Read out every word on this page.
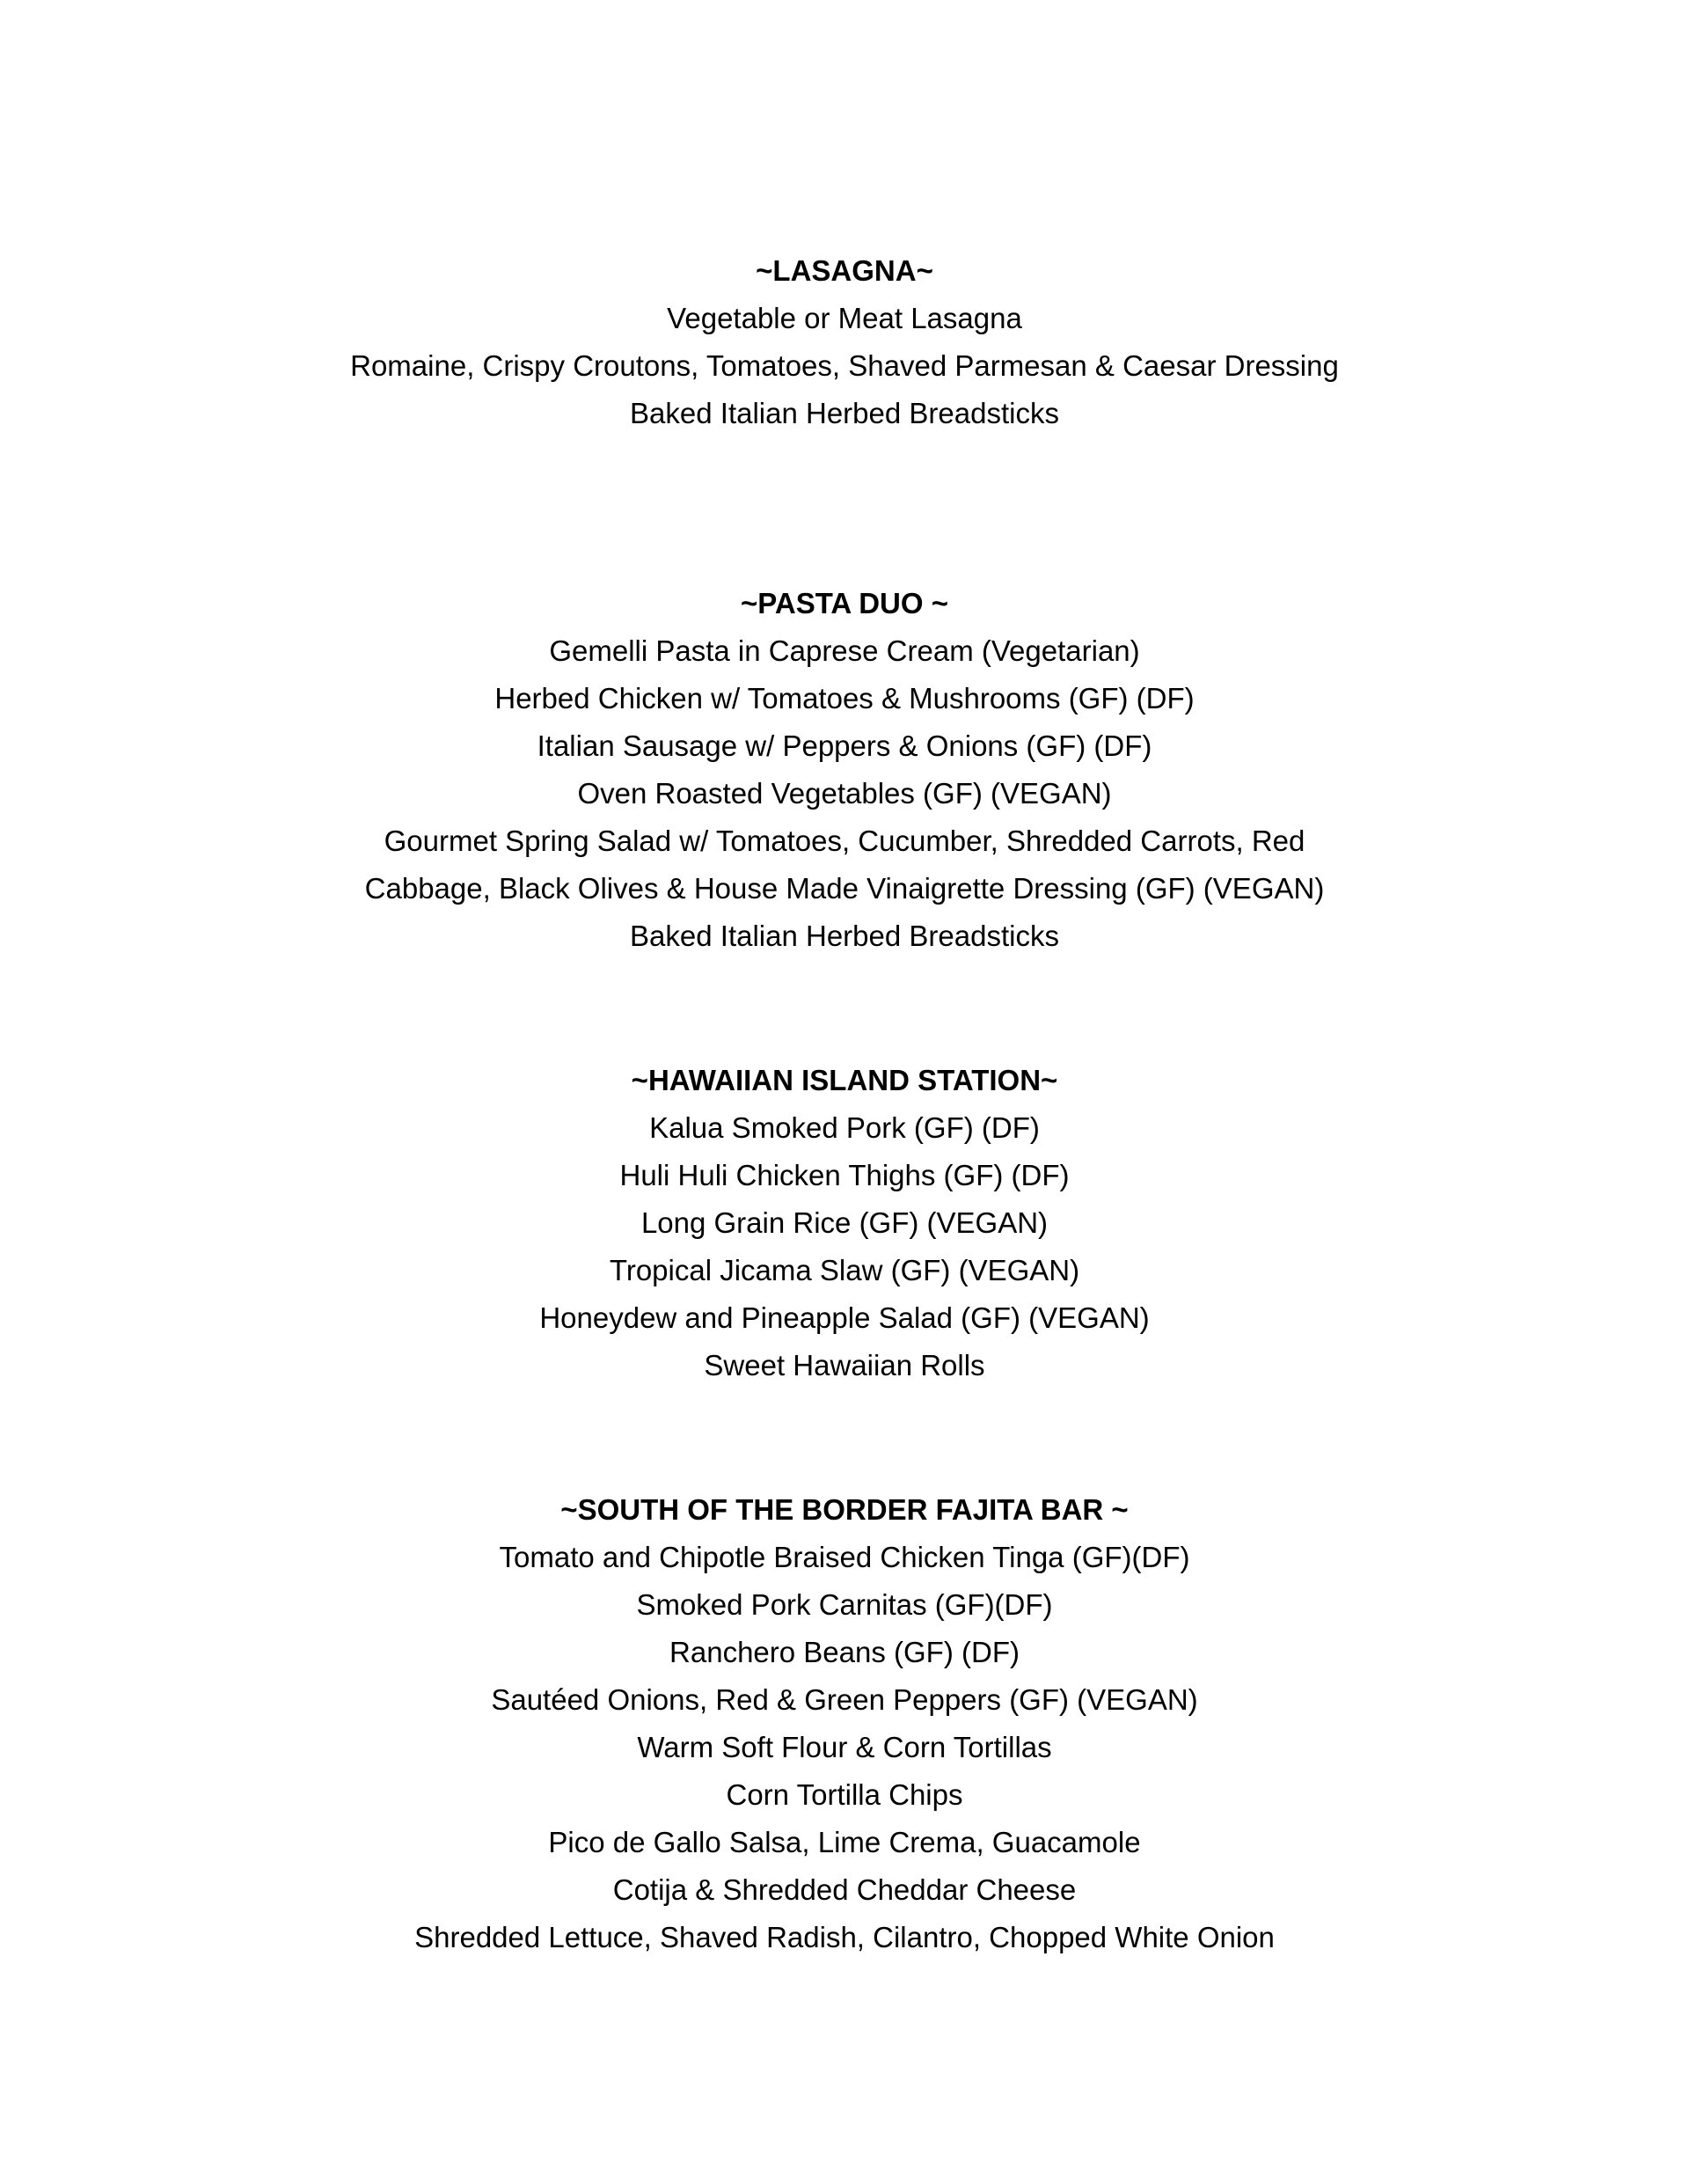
~LASAGNA~

Vegetable or Meat Lasagna

Romaine, Crispy Croutons, Tomatoes, Shaved Parmesan & Caesar Dressing

Baked Italian Herbed Breadsticks

~PASTA DUO ~

Gemelli Pasta in Caprese Cream (Vegetarian)

Herbed Chicken w/ Tomatoes & Mushrooms (GF) (DF)

Italian Sausage w/ Peppers & Onions (GF) (DF)

Oven Roasted Vegetables (GF) (VEGAN)

Gourmet Spring Salad w/ Tomatoes, Cucumber, Shredded Carrots, Red Cabbage, Black Olives & House Made Vinaigrette Dressing (GF) (VEGAN)

Baked Italian Herbed Breadsticks

~HAWAIIAN ISLAND STATION~

Kalua Smoked Pork (GF) (DF)

Huli Huli Chicken Thighs (GF) (DF)

Long Grain Rice (GF) (VEGAN)

Tropical Jicama Slaw (GF) (VEGAN)

Honeydew and Pineapple Salad (GF) (VEGAN)

Sweet Hawaiian Rolls

~SOUTH OF THE BORDER FAJITA BAR ~

Tomato and Chipotle Braised Chicken Tinga (GF)(DF)

Smoked Pork Carnitas (GF)(DF)

Ranchero Beans (GF) (DF)

Sautéed Onions, Red & Green Peppers (GF) (VEGAN)

Warm Soft Flour & Corn Tortillas

Corn Tortilla Chips

Pico de Gallo Salsa, Lime Crema, Guacamole

Cotija & Shredded Cheddar Cheese

Shredded Lettuce, Shaved Radish, Cilantro, Chopped White Onion
